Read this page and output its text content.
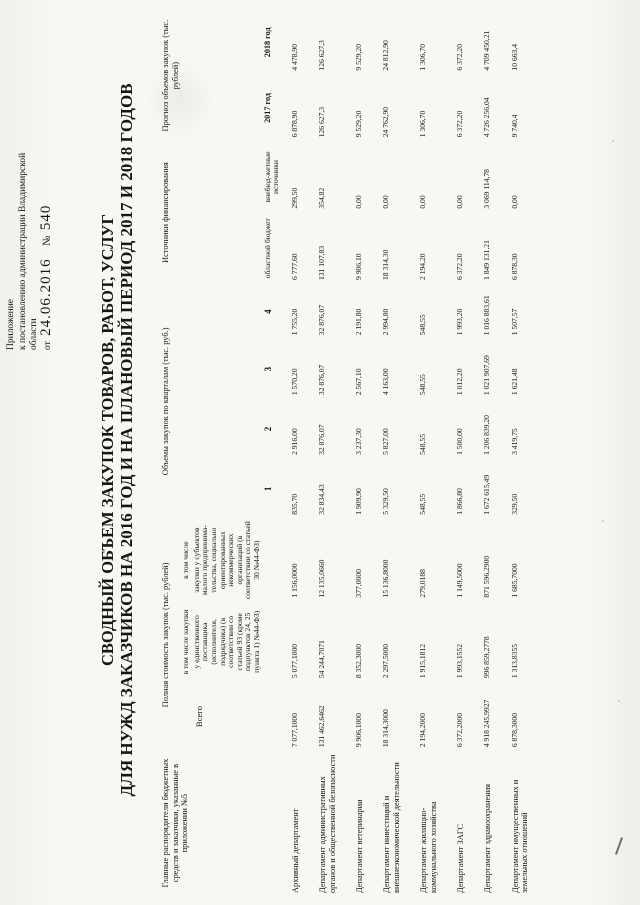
Приложение к постановлению администрации Владимирской области от 24.06.2016 № 540	СВОДНЫЙ ОБЪЕМ ЗАКУПОК ТОВАРОВ, РАБОТ, УСЛУГ ДЛЯ НУЖД ЗАКАЗЧИКОВ НА 2016 ГОД И НА ПЛАНОВЫЙ ПЕРИОД 2017 И 2018 ГОДОВ
Главные распорядители бюджетных средств и заказчики, указанные в приложении №5	Полная стоимость закупок (тыс. рублей)			Объемы закупок по кварталам (тыс. руб.)				Источники финансирования		Прогноз объемов закупок (тыс. рублей)	
	Всего	в том числе закупки	в том числе								
		у единственного поставщика (исполнителя, подрядчика) (в соответствии со статьей 93 (кроме подпунктов 24, 25 пункта 1) №44-ФЗ)	закупки у субъектов малого предпринима-тельства, социально ориентированных некоммерческих организаций (в соответствии со статьей 30 №44-ФЗ)								
				1	2	3	4	областной бюджет	внебюд-жетные источники	2017 год	2018 год
Архивный департамент	7 077,1000	5 077,1000	1 156,0000	835,70	2 916,00	1 570,20	1 755,20	6 777,60	299,50	6 878,90	4 478,90
Департамент административных органов и общественной безопасности	131 462,6462	54 244,7071	12 135,0660	32 834,43	32 876,07	32 876,07	32 876,07	131 107,83	354,82	126 627,3	126 627,3
Департамент ветеринарии	9 906,1000	8 352,3000	377,0000	1 909,90	3 237,30	2 567,10	2 191,80	9 906,10	0,00	9 529,20	9 529,20
Департамент инвестиций и внешнеэкономической деятельности	18 314,3000	2 297,5000	15 136,8000	5 329,50	5 827,00	4 163,00	2 994,80	18 314,30	0,00	24 762,90	24 812,90
Департамент жилищно-коммунального хозяйства	2 194,2000	1 915,1812	279,0188	548,55	548,55	548,55	548,55	2 194,20	0,00	1 306,70	1 306,70
Департамент ЗАГС	6 372,2000	1 993,1552	1 149,5000	1 866,80	1 500,00	1 012,20	1 993,20	6 372,20	0,00	6 372,20	6 372,20
Департамент здравоохранения	4 918 245,9927	996 859,2778	871 596,2900	1 672 615,49	1 206 839,20	1 021 907,69	1 016 883,61	1 849 131,21	3 069 114,78	4 726 256,04	4 709 450,21
Департамент имущественных и земельных отношений	6 878,3000	1 313,8355	1 685,7000	329,50	3 419,75	1 621,48	1 507,57	6 878,30	0,00	9 740,4	10 663,4
